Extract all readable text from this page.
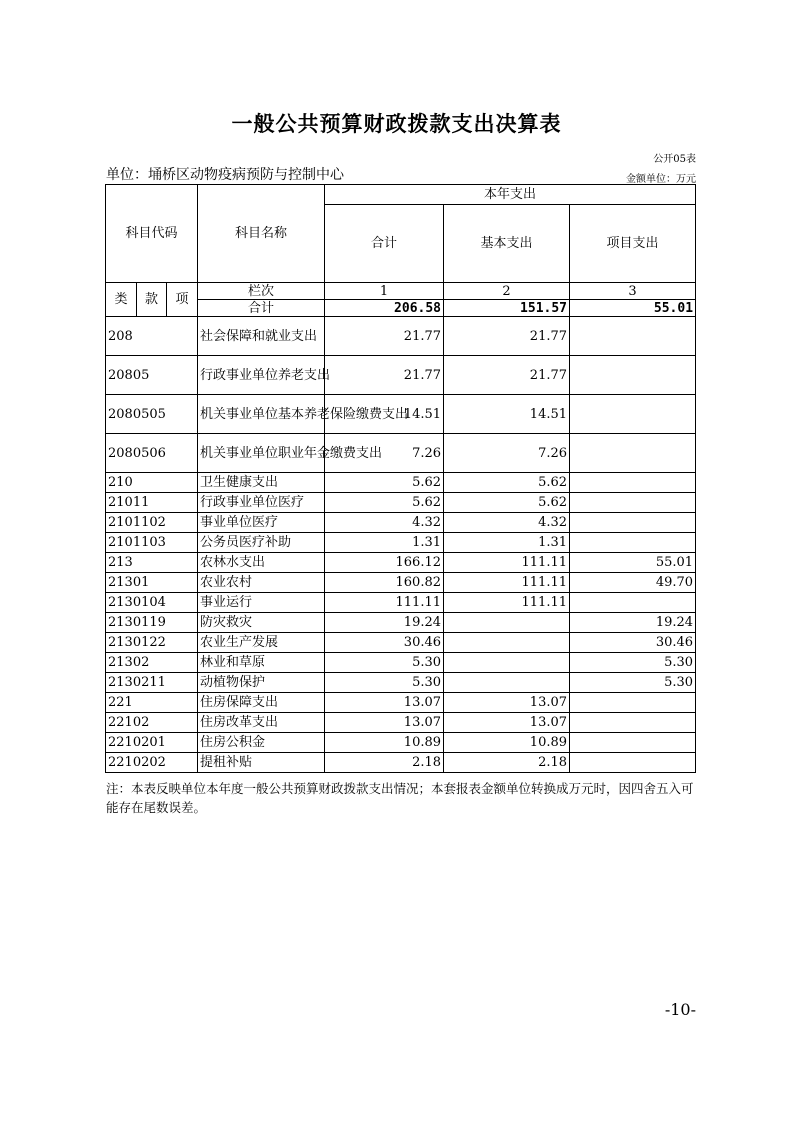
一般公共预算财政拨款支出决算表
公开05表
单位：埇桥区动物疫病预防与控制中心	金额单位：万元
科目代码			科目名称	本年支出		
				合计	基本支出	项目支出
类	款	项	栏次	1	2	3
			合计	206.58	151.57	55.01
208			社会保障和就业支出	21.77	21.77	
20805			行政事业单位养老支出	21.77	21.77	
2080505			机关事业单位基本养老保险缴费支出	14.51	14.51	
2080506			机关事业单位职业年金缴费支出	7.26	7.26	
210			卫生健康支出	5.62	5.62	
21011			行政事业单位医疗	5.62	5.62	
2101102			事业单位医疗	4.32	4.32	
2101103			公务员医疗补助	1.31	1.31	
213			农林水支出	166.12	111.11	55.01
21301			农业农村	160.82	111.11	49.70
2130104			事业运行	111.11	111.11	
2130119			防灾救灾	19.24		19.24
2130122			农业生产发展	30.46		30.46
21302			林业和草原	5.30		5.30
2130211			动植物保护	5.30		5.30
221			住房保障支出	13.07	13.07	
22102			住房改革支出	13.07	13.07	
2210201			住房公积金	10.89	10.89	
2210202			提租补贴	2.18	2.18	
注：本表反映单位本年度一般公共预算财政拨款支出情况；本套报表金额单位转换成万元时，因四舍五入可能存在尾数误差。
-10-
